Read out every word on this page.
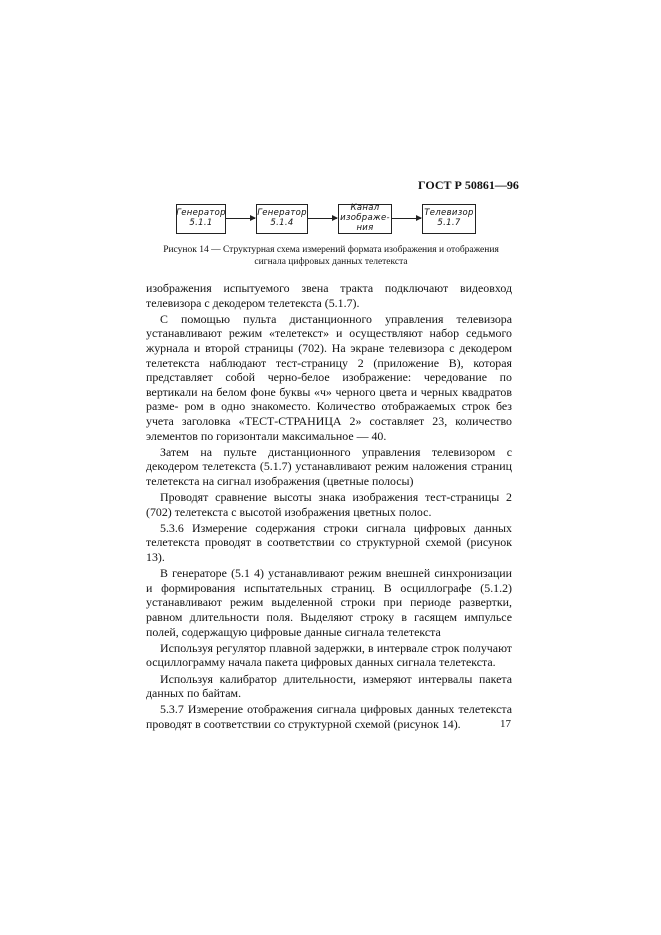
ГОСТ Р 50861—96
Генератор
5.1.1
Генератор
5.1.4
Канал
изображе-
ния
Телевизор
5.1.7
Рисунок 14 — Структурная схема измерений формата изображения и отображения
сигнала цифровых данных телетекста

изображения испытуемого звена тракта подключают видеовход телевизора с декодером телетекста (5.1.7).

С помощью пульта дистанционного управления телевизора устанавливают режим «телетекст» и осуществляют набор седьмого журнала и второй страницы (702). На экране телевизора с декодером телетекста наблюдают тест-страницу 2 (приложение В), которая представляет собой черно-белое изображение: чередование по вертикали на белом фоне буквы «ч» черного цвета и черных квадратов разме- ром в одно знакоместо. Количество отображаемых строк без учета заголовка «ТЕСТ-СТРАНИЦА 2» составляет 23, количество элементов по горизонтали максимальное — 40.

Затем на пульте дистанционного управления телевизором с декодером телетекста (5.1.7) устанавливают режим наложения страниц телетекста на сигнал изображения (цветные полосы)

Проводят сравнение высоты знака изображения тест-страницы 2 (702) телетекста с высотой изображения цветных полос.

5.3.6 Измерение содержания строки сигнала цифровых данных телетекста проводят в соответствии со структурной схемой (рисунок 13).

В генераторе (5.1 4) устанавливают режим внешней синхронизации и формирования испытательных страниц. В осциллографе (5.1.2) устанавливают режим выделенной строки при периоде развертки, равном длительности поля. Выделяют строку в гасящем импульсе полей, содержащую цифровые данные сигнала телетекста

Используя регулятор плавной задержки, в интервале строк получают осциллограмму начала пакета цифровых данных сигнала телетекста.

Используя калибратор длительности, измеряют интервалы пакета данных по байтам.

5.3.7 Измерение отображения сигнала цифровых данных телетекста проводят в соответствии со структурной схемой (рисунок 14).	17
